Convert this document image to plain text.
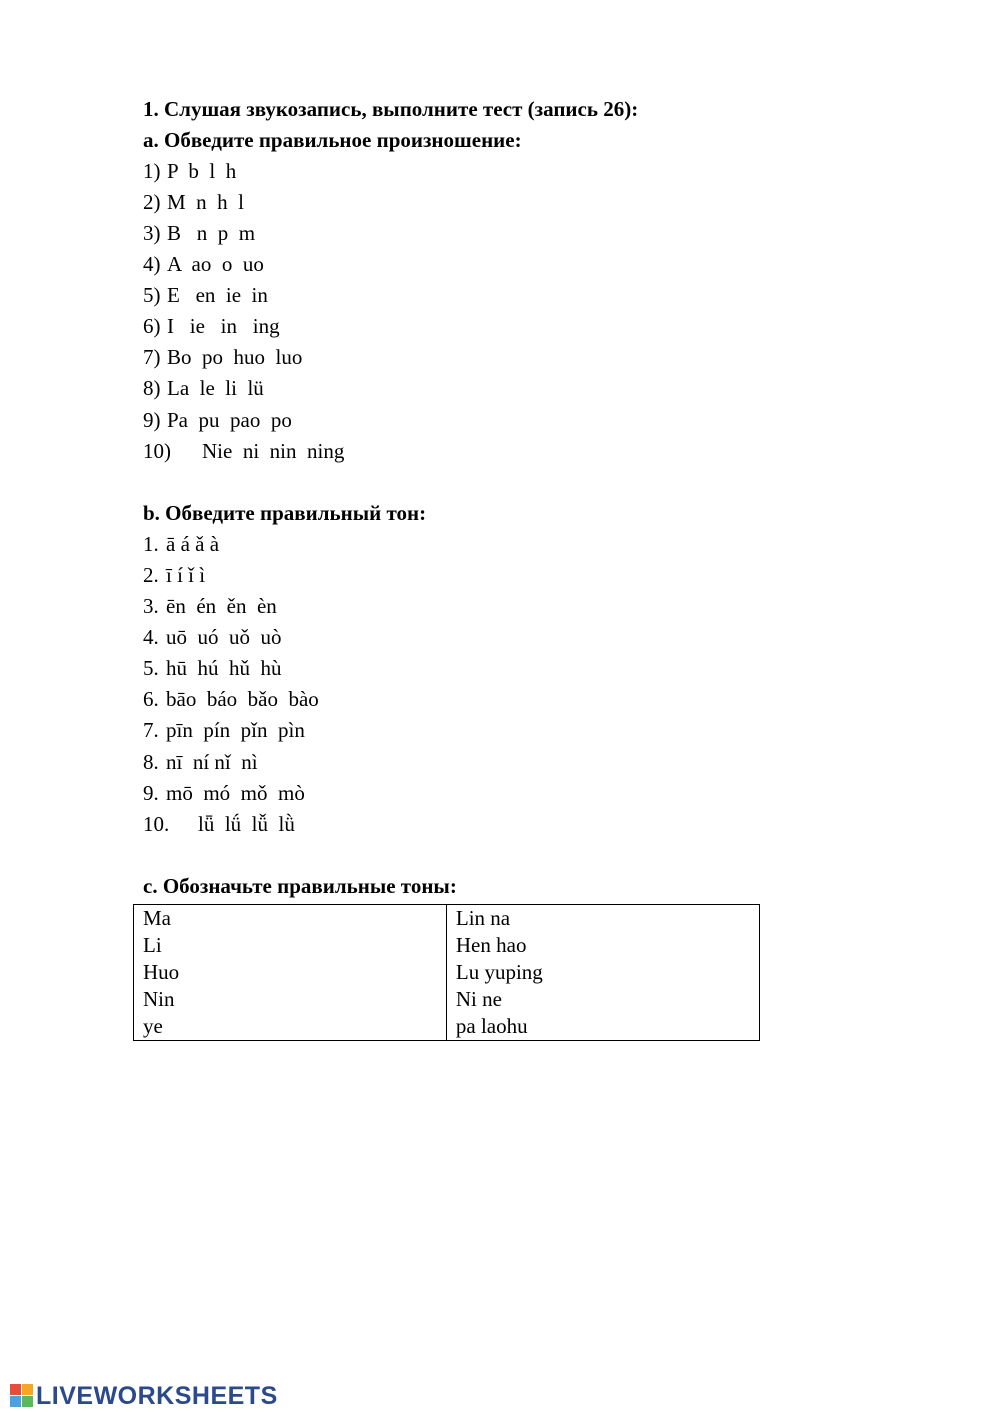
1. Слушая звукозапись, выполните тест (запись 26):
a. Обведите правильное произношение:
1) P  b  l  h
2) M  n  h  l
3) B   n  p  m
4) A  ao  o  uo
5) E   en  ie  in
6) I   ie   in   ing
7) Bo  po  huo  luo
8) La  le  li  lü
9) Pa  pu  pao  po
10) Nie  ni  nin  ning
b. Обведите правильный тон:
1. ā á ǎ à
2. ī í ǐ ì
3. ēn  én  ěn  èn
4. uō  uó  uǒ  uò
5. hū  hú  hǔ  hù
6. bāo  báo  bǎo  bào
7. pīn  pín  pǐn  pìn
8. nī  ní nǐ  nì
9. mō  mó  mǒ  mò
10. lǖ  lǘ  lǚ  lǜ
c. Обозначьте правильные тоны:
Ma	Lin na
Li	Hen hao
Huo	Lu yuping
Nin	Ni ne
ye	pa laohu
LIVEWORKSHEETS
